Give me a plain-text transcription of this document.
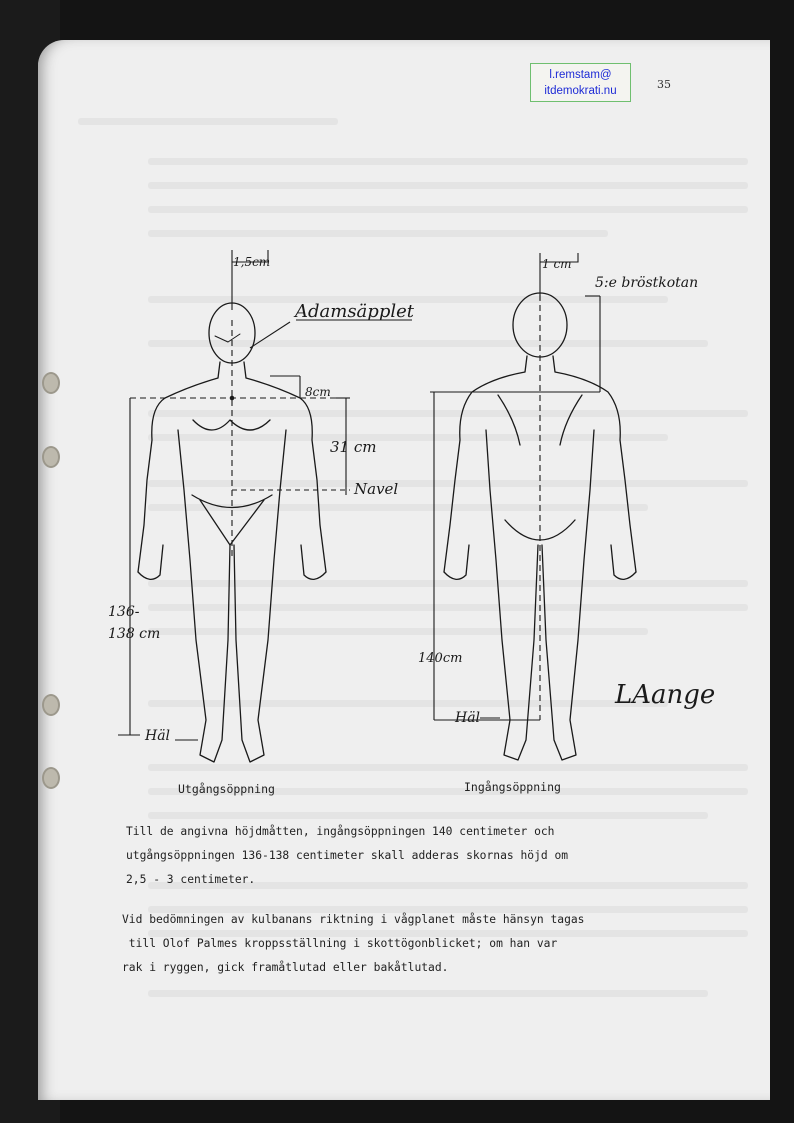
l.remstam@
itdemokrati.nu	35
1,5cm
Adamsäpplet
8cm
31 cm
Navel
136-
138 cm
Häl
1 cm
5:e bröstkotan
140cm
Häl
LAange
Utgångsöppning	Ingångsöppning
Till de angivna höjdmåtten, ingångsöppningen 140 centimeter och
utgångsöppningen 136-138 centimeter skall adderas skornas höjd om
2,5 - 3 centimeter.
Vid bedömningen av kulbanans riktning i vågplanet måste hänsyn tagas
till Olof Palmes kroppsställning i skottögonblicket; om han var
rak i ryggen, gick framåtlutad eller bakåtlutad.
